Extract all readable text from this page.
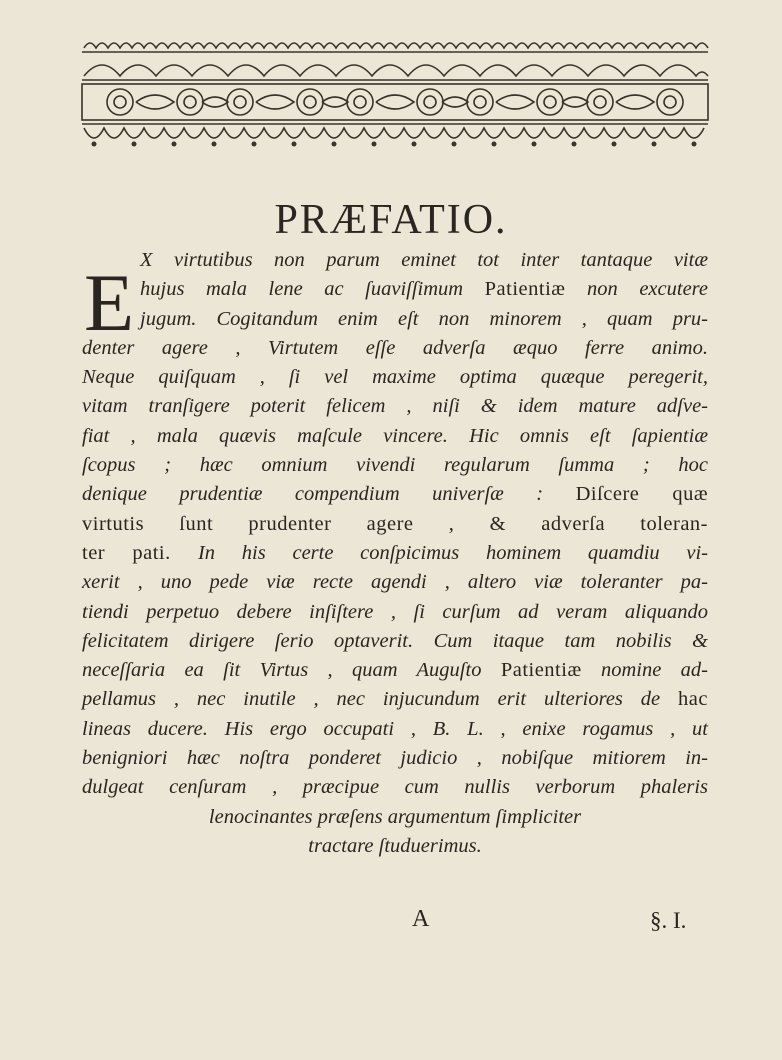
PRÆFATIO.
E X virtutibus non parum eminet tot inter tantaque vitæ
hujus mala lene ac ſuaviſſimum Patientiæ non excutere
jugum. Cogitandum enim eſt non minorem , quam pru-
denter agere , Virtutem eſſe adverſa æquo ferre animo.
Neque quiſquam , ſi vel maxime optima quæque peregerit,
vitam tranſigere poterit felicem , niſi & idem mature adſve-
fiat , mala quævis maſcule vincere. Hic omnis eſt ſapientiæ
ſcopus ; hæc omnium vivendi regularum ſumma ; hoc
denique prudentiæ compendium univerſæ : Diſcere quæ
virtutis ſunt prudenter agere , & adverſa toleran-
ter pati. In his certe conſpicimus hominem quamdiu vi-
xerit , uno pede viæ recte agendi , altero viæ toleranter pa-
tiendi perpetuo debere inſiſtere , ſi curſum ad veram aliquando
felicitatem dirigere ſerio optaverit. Cum itaque tam nobilis &
neceſſaria ea ſit Virtus , quam Auguſto Patientiæ nomine ad-
pellamus , nec inutile , nec injucundum erit ulteriores de hac
lineas ducere. His ergo occupati , B. L. , enixe rogamus , ut
benigniori hæc noſtra ponderet judicio , nobiſque mitiorem in-
dulgeat cenſuram , præcipue cum nullis verborum phaleris
lenocinantes præſens argumentum ſimpliciter
tractare ſtuduerimus.
A	§. I.
